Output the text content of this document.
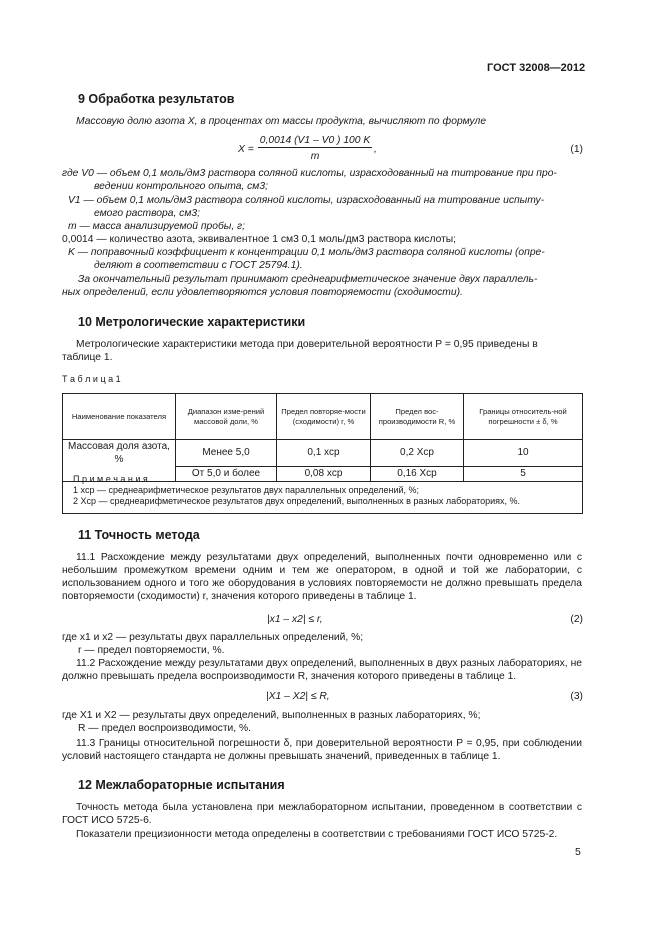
ГОСТ 32008—2012
9 Обработка результатов
Массовую долю азота X, в процентах от массы продукта, вычисляют по формуле
X =
0,0014 (V1 – V0 ) 100 K
m
,	(1)
где V0 — объем 0,1 моль/дм3 раствора соляной кислоты, израсходованный на титрование при про-
ведении контрольного опыта, см3;
V1 — объем 0,1 моль/дм3 раствора соляной кислоты, израсходованный на титрование испыту-
емого раствора, см3;
m — масса анализируемой пробы, г;
0,0014 — количество азота, эквивалентное 1 см3 0,1 моль/дм3 раствора кислоты;
K — поправочный коэффициент к концентрации 0,1 моль/дм3 раствора соляной кислоты (опре-
деляют в соответствии с ГОСТ 25794.1).
За окончательный результат принимают среднеарифметическое значение двух параллель-
ных определений, если удовлетворяются условия повторяемости (сходимости).
10 Метрологические характеристики
Метрологические характеристики метода при доверительной вероятности P = 0,95 приведены в
таблице 1.
Т а б л и ц а 1
Наименование показателя	Диапазон изме-рений массовой доли, %	Предел повторяе-мости (сходимости) r, %	Предел вос-производимости R, %	Границы относитель-ной погрешности ± δ, %
Массовая доля азота, %	Менее 5,0	0,1 xср	0,2 Xср	10
	От 5,0 и более	0,08 xср	0,16 Xср	5
П р и м е ч а н и я
1 xср — среднеарифметическое результатов двух параллельных определений, %;
2 Xср — среднеарифметическое результатов двух определений, выполненных в разных лабораториях, %.
11 Точность метода
11.1 Расхождение между результатами двух определений, выполненных почти одновременно или с небольшим промежутком времени одним и тем же оператором, в одной и той же лаборатории, с использованием одного и того же оборудования в условиях повторяемости не должно превышать предела повторяемости (сходимости) r, значения которого приведены в таблице 1.
|x1 – x2| ≤ r,	(2)
где x1 и x2 — результаты двух параллельных определений, %;
r — предел повторяемости, %.
11.2 Расхождение между результатами двух определений, выполненных в двух разных лабораториях, не должно превышать предела воспроизводимости R, значения которого приведены в таблице 1.
|X1 – X2| ≤ R,	(3)
где X1 и X2 — результаты двух определений, выполненных в разных лабораториях, %;
R — предел воспроизводимости, %.
11.3 Границы относительной погрешности δ, при доверительной вероятности P = 0,95, при соблюдении условий настоящего стандарта не должны превышать значений, приведенных в таблице 1.
12 Межлабораторные испытания
Точность метода была установлена при межлабораторном испытании, проведенном в соответствии с ГОСТ ИСО 5725-6.
Показатели прецизионности метода определены в соответствии с требованиями ГОСТ ИСО 5725-2.
5
